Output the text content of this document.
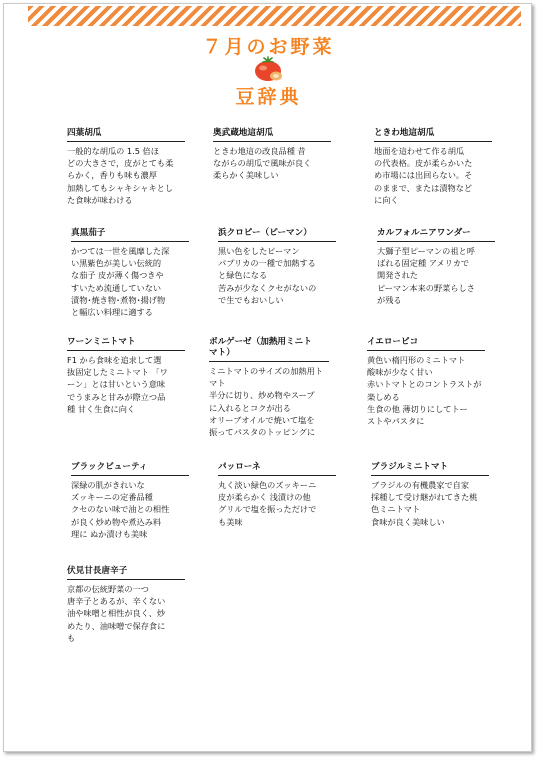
７月のお野菜
豆辞典
四葉胡瓜
一般的な胡瓜の 1.5 倍ほ
どの大きさで，皮がとても柔
らかく，香りも味も濃厚
加熱してもシャキシャキとし
た食味が味わける
奥武蔵地這胡瓜
ときわ地這の改良品種 昔
ながらの胡瓜で風味が良く
柔らかく美味しい
ときわ地這胡瓜
地面を這わせて作る胡瓜
の代表格。皮が柔らかいた
め市場には出回らない。そ
のままで、または漬物など
に向く
真黒茄子
かつては一世を風靡した深
い黒紫色が美しい伝統的
な茄子 皮が薄く傷つきや
すいため流通していない
漬物･焼き物･煮物･揚げ物
と幅広い料理に適する
浜クロピー（ピーマン）
黒い色をしたピーマン
パプリカの一種で加熱する
と緑色になる
苦みが少なくクセがないの
で生でもおいしい
カルフォルニアワンダー
大獅子型ピーマンの祖と呼
ばれる固定種 アメリカで
開発された
ピーマン本来の野菜らしさ
が残る
ワーンミニトマト
F1 から食味を追求して選
抜固定したミニトマト 「ワ
ーン」とは甘いという意味
でうまみと甘みが際立つ品
種 甘く生食に向く
ボルゲーゼ（加熱用ミニト
マト）
ミニトマトのサイズの加熱用ト
マト
半分に切り、炒め物やスープ
に入れるとコクが出る
オリーブオイルで焼いて塩を
振ってパスタのトッピングに
イエローピコ
黄色い楕円形のミニトマト
酸味が少なく甘い
赤いトマトとのコントラストが
楽しめる
生食の他 薄切りにしてトー
ストやパスタに
ブラックビューティ
深緑の肌がきれいな
ズッキーニの定番品種
クセのない味で油との相性
が良く炒め物や煮込み料
理に ぬか漬けも美味
パッローネ
丸く淡い緑色のズッキーニ
皮が柔らかく 浅漬けの他
グリルで塩を振っただけで
も美味
ブラジルミニトマト
ブラジルの有機農家で自家
採種して受け継がれてきた桃
色ミニトマト
食味が良く美味しい
伏見甘長唐辛子
京都の伝統野菜の一つ
唐辛子とあるが、辛くない
油や味噌と相性が良く、炒
めたり、油味噌で保存食に
も
